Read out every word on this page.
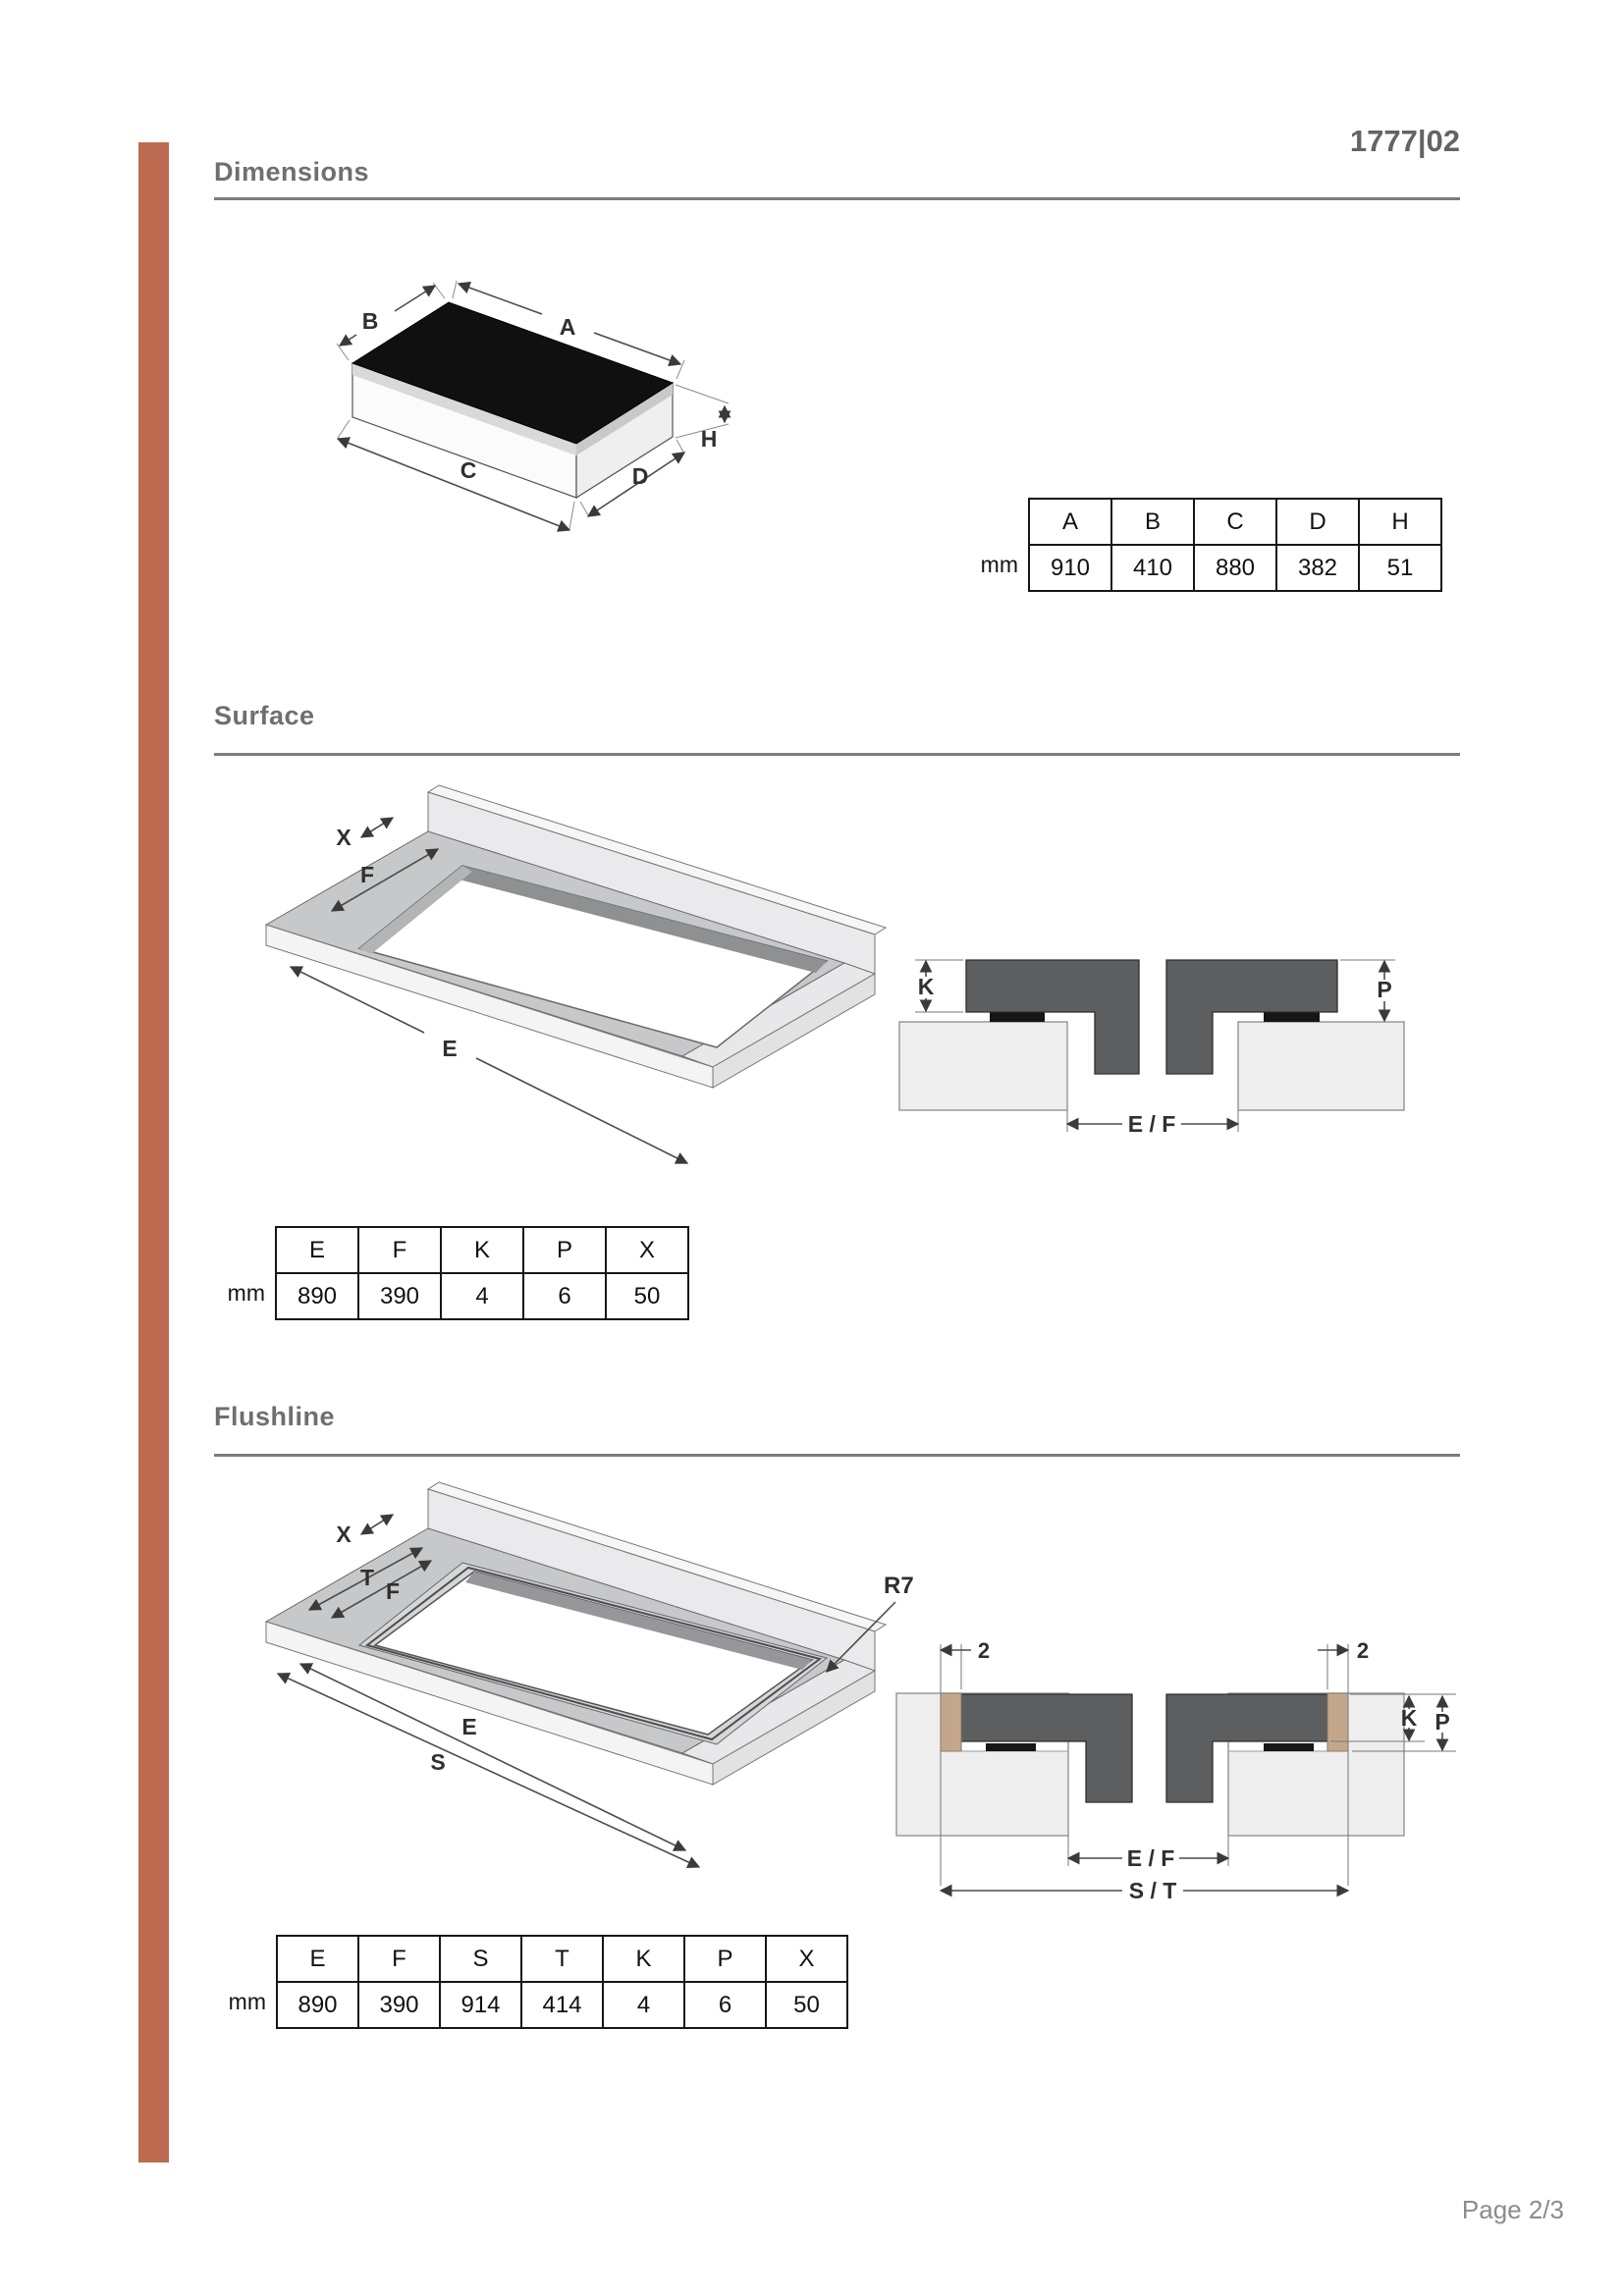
1777|02
Dimensions
A
B
C	D
H
mm
A	B	C	D	H
910	410	880	382	51
Surface
X
F
E
K	P
E / F
mm
E	F	K	P	X
890	390	4	6	50
Flushline
X
T
F
E
S
R7
2	2
K P
E / F
S / T
mm
E	F	S	T	K	P	X
890	390	914	414	4	6	50
Page 2/3
